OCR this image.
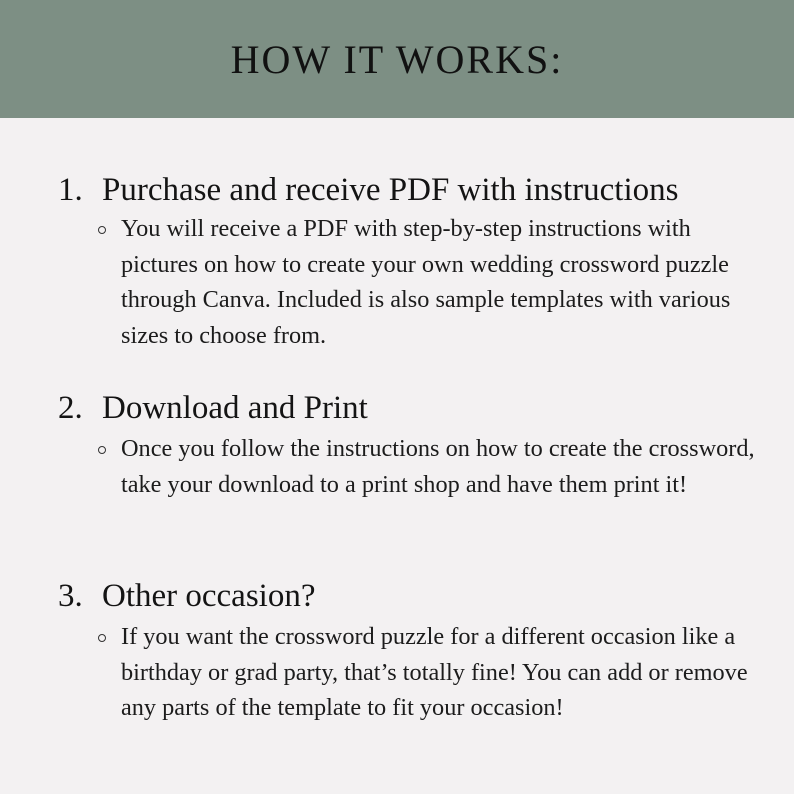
HOW IT WORKS:
1. Purchase and receive PDF with instructions
You will receive a PDF with step-by-step instructions with pictures on how to create your own wedding crossword puzzle through Canva. Included is also sample templates with various sizes to choose from.
2. Download and Print
Once you follow the instructions on how to create the crossword, take your download to a print shop and have them print it!
3. Other occasion?
If you want the crossword puzzle for a different occasion like a birthday or grad party, that’s totally fine! You can add or remove any parts of the template to fit your occasion!
